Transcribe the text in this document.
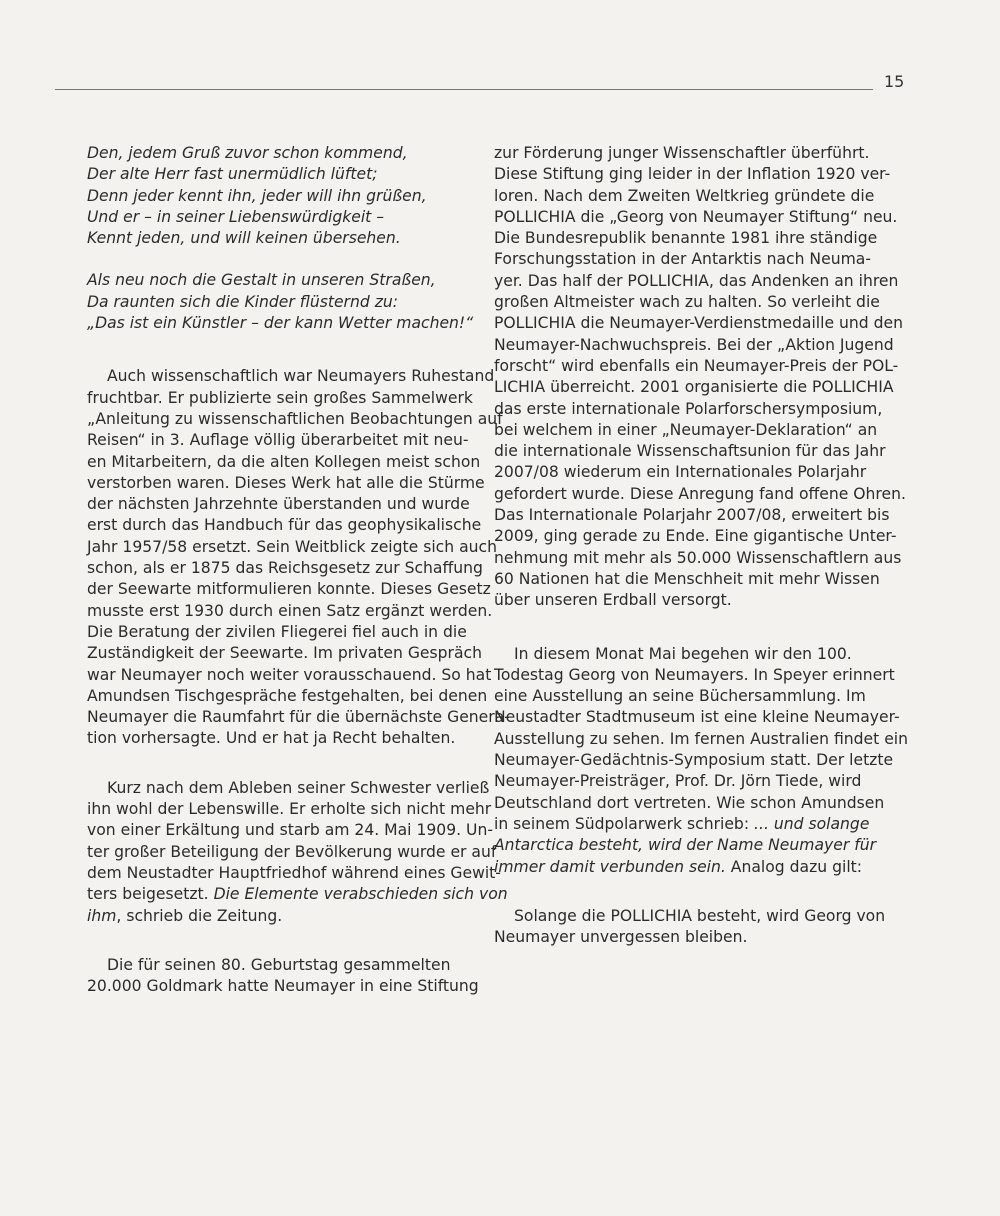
15

Den, jedem Gruß zuvor schon kommend,
Der alte Herr fast unermüdlich lüftet;
Denn jeder kennt ihn, jeder will ihn grüßen,
Und er – in seiner Liebenswürdigkeit –
Kennt jeden, und will keinen übersehen.

Als neu noch die Gestalt in unseren Straßen,
Da raunten sich die Kinder flüsternd zu:
„Das ist ein Künstler – der kann Wetter machen!“

Auch wissenschaftlich war Neumayers Ruhestand
fruchtbar. Er publizierte sein großes Sammelwerk
„Anleitung zu wissenschaftlichen Beobachtungen auf
Reisen“ in 3. Auflage völlig überarbeitet mit neu-
en Mitarbeitern, da die alten Kollegen meist schon
verstorben waren. Dieses Werk hat alle die Stürme
der nächsten Jahrzehnte überstanden und wurde
erst durch das Handbuch für das geophysikalische
Jahr 1957/58 ersetzt. Sein Weitblick zeigte sich auch
schon, als er 1875 das Reichsgesetz zur Schaffung
der Seewarte mitformulieren konnte. Dieses Gesetz
musste erst 1930 durch einen Satz ergänzt werden.
Die Beratung der zivilen Fliegerei fiel auch in die
Zuständigkeit der Seewarte. Im privaten Gespräch
war Neumayer noch weiter vorausschauend. So hat
Amundsen Tischgespräche festgehalten, bei denen
Neumayer die Raumfahrt für die übernächste Genera-
tion vorhersagte. Und er hat ja Recht behalten.

Kurz nach dem Ableben seiner Schwester verließ
ihn wohl der Lebenswille. Er erholte sich nicht mehr
von einer Erkältung und starb am 24. Mai 1909. Un-
ter großer Beteiligung der Bevölkerung wurde er auf
dem Neustadter Hauptfriedhof während eines Gewit-
ters beigesetzt. Die Elemente verabschieden sich von
ihm, schrieb die Zeitung.

Die für seinen 80. Geburtstag gesammelten
20.000 Goldmark hatte Neumayer in eine Stiftung

zur Förderung junger Wissenschaftler überführt.
Diese Stiftung ging leider in der Inflation 1920 ver-
loren. Nach dem Zweiten Weltkrieg gründete die
POLLICHIA die „Georg von Neumayer Stiftung“ neu.
Die Bundesrepublik benannte 1981 ihre ständige
Forschungsstation in der Antarktis nach Neuma-
yer. Das half der POLLICHIA, das Andenken an ihren
großen Altmeister wach zu halten. So verleiht die
POLLICHIA die Neumayer-Verdienstmedaille und den
Neumayer-Nachwuchspreis. Bei der „Aktion Jugend
forscht“ wird ebenfalls ein Neumayer-Preis der POL-
LICHIA überreicht. 2001 organisierte die POLLICHIA
das erste internationale Polarforschersymposium,
bei welchem in einer „Neumayer-Deklaration“ an
die internationale Wissenschaftsunion für das Jahr
2007/08 wiederum ein Internationales Polarjahr
gefordert wurde. Diese Anregung fand offene Ohren.
Das Internationale Polarjahr 2007/08, erweitert bis
2009, ging gerade zu Ende. Eine gigantische Unter-
nehmung mit mehr als 50.000 Wissenschaftlern aus
60 Nationen hat die Menschheit mit mehr Wissen
über unseren Erdball versorgt.

In diesem Monat Mai begehen wir den 100.
Todestag Georg von Neumayers. In Speyer erinnert
eine Ausstellung an seine Büchersammlung. Im
Neustadter Stadtmuseum ist eine kleine Neumayer-
Ausstellung zu sehen. Im fernen Australien findet ein
Neumayer-Gedächtnis-Symposium statt. Der letzte
Neumayer-Preisträger, Prof. Dr. Jörn Tiede, wird
Deutschland dort vertreten. Wie schon Amundsen
in seinem Südpolarwerk schrieb: ... und solange
Antarctica besteht, wird der Name Neumayer für
immer damit verbunden sein. Analog dazu gilt:

Solange die POLLICHIA besteht, wird Georg von
Neumayer unvergessen bleiben.
